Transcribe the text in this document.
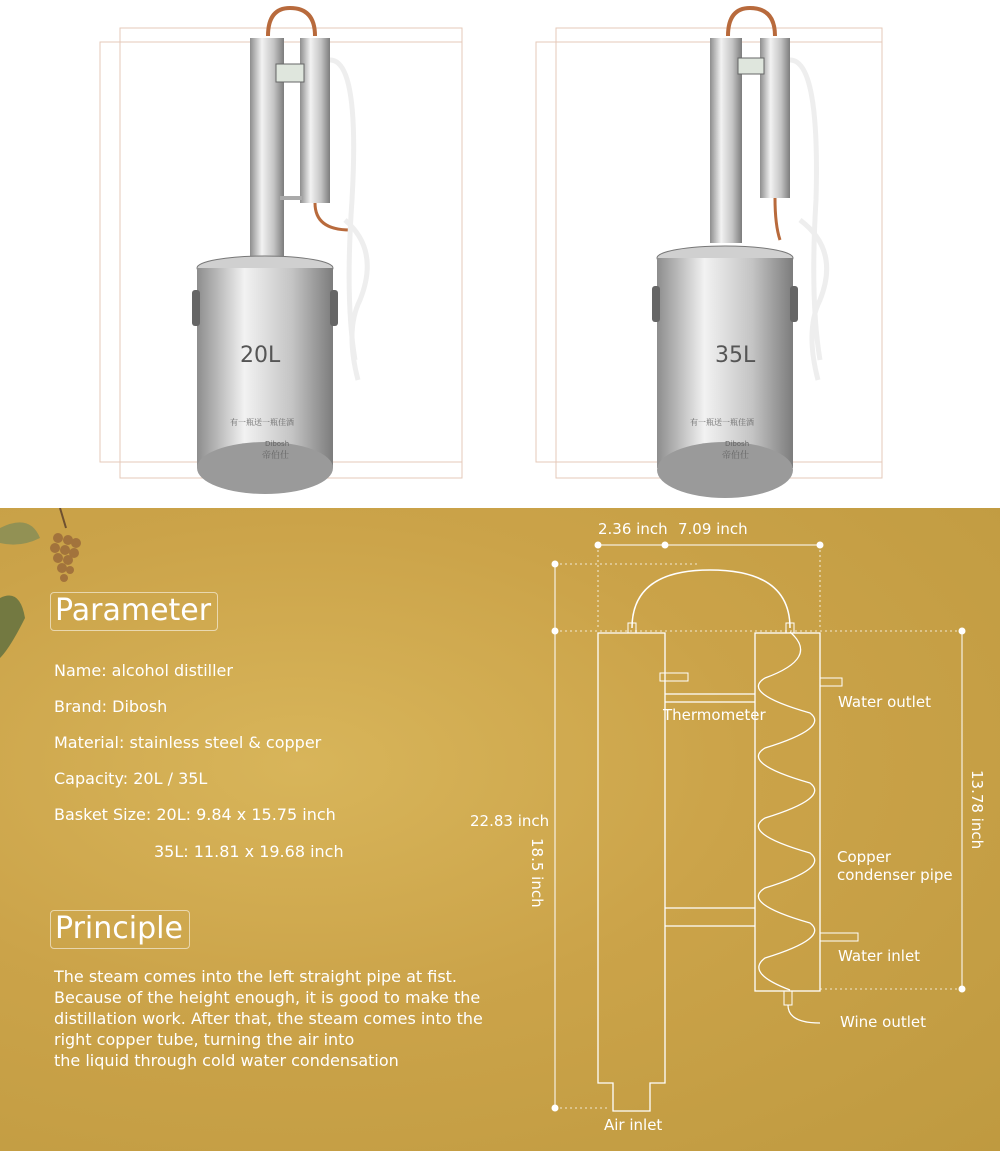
20L
有一瓶送一瓶佳酒
Dibosh
帝伯仕
35L
有一瓶送一瓶佳酒
Dibosh
帝伯仕
Parameter
Name: alcohol distiller
Brand: Dibosh
Material: stainless steel & copper
Capacity: 20L / 35L
Basket Size: 20L: 9.84 x 15.75 inch
35L: 11.81 x 19.68 inch
Principle
The steam comes into the left straight pipe at fist.
Because of the height enough, it is good to make the
distillation work. After that, the steam comes into the
right copper tube, turning the air into
the liquid through cold water condensation
2.36 inch 7.09 inch
22.83 inch
18.5 inch
13.78 inch
Thermometer
Water outlet
Copper
condenser pipe
Water inlet
Wine outlet
Air inlet
